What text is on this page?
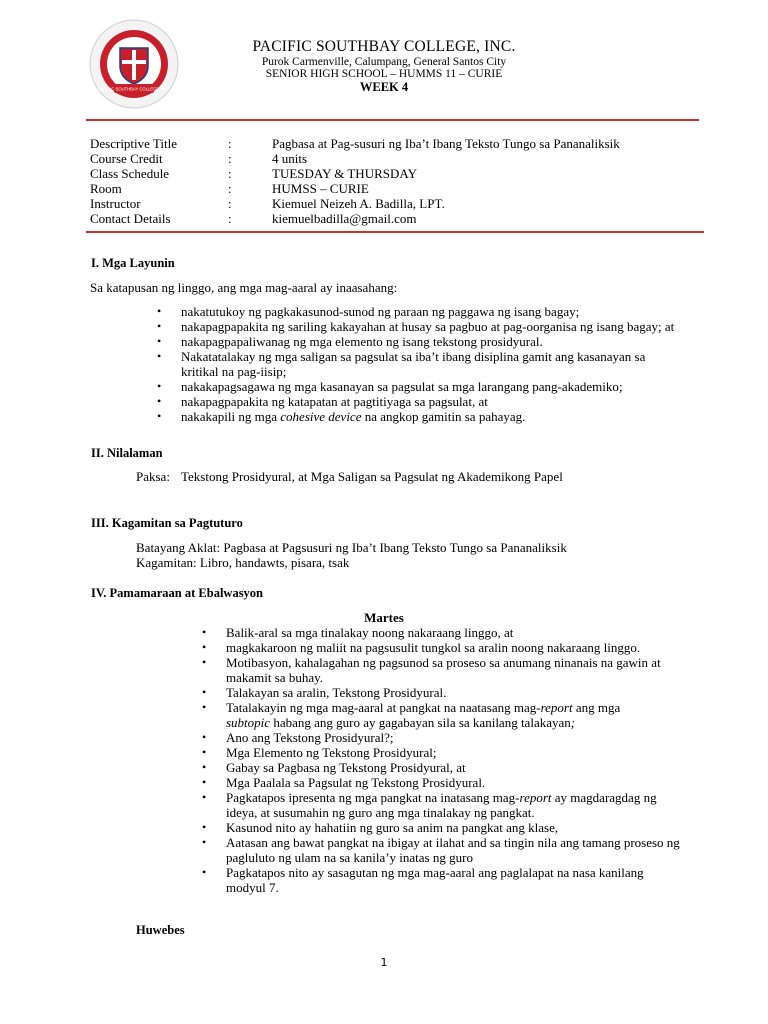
PACIFIC SOUTHBAY COLLEGE, INC.
PACIFIC SOUTHBAY COLLEGE, INC.
Purok Carmenville, Calumpang, General Santos City
SENIOR HIGH SCHOOL – HUMMS 11 – CURIE
WEEK 4
Descriptive Title	:	Pagbasa at Pag-susuri ng Iba’t Ibang Teksto Tungo sa Pananaliksik
Course Credit	:	4 units
Class Schedule	:	TUESDAY & THURSDAY
Room	:	HUMSS – CURIE
Instructor	:	Kiemuel Neizeh A. Badilla, LPT.
Contact Details	:	kiemuelbadilla@gmail.com
I. Mga Layunin
Sa katapusan ng linggo, ang mga mag-aaral ay inaasahang:
• nakatutukoy ng pagkakasunod-sunod ng paraan ng paggawa ng isang bagay;
• nakapagpapakita ng sariling kakayahan at husay sa pagbuo at pag-oorganisa ng isang bagay; at
• nakapagpapaliwanag ng mga elemento ng isang tekstong prosidyural.
• Nakatatalakay ng mga saligan sa pagsulat sa iba’t ibang disiplina gamit ang kasanayan sa kritikal na pag-iisip;
• nakakapagsagawa ng mga kasanayan sa pagsulat sa mga larangang pang-akademiko;
• nakapagpapakita ng katapatan at pagtitiyaga sa pagsulat, at
• nakakapili ng mga cohesive device na angkop gamitin sa pahayag.
II. Nilalaman
Paksa: Tekstong Prosidyural, at Mga Saligan sa Pagsulat ng Akademikong Papel
III. Kagamitan sa Pagtuturo
Batayang Aklat: Pagbasa at Pagsusuri ng Iba’t Ibang Teksto Tungo sa Pananaliksik
Kagamitan: Libro, handawts, pisara, tsak
IV. Pamamaraan at Ebalwasyon
Martes
• Balik-aral sa mga tinalakay noong nakaraang linggo, at
• magkakaroon ng maliit na pagsusulit tungkol sa aralin noong nakaraang linggo.
• Motibasyon, kahalagahan ng pagsunod sa proseso sa anumang ninanais na gawin at makamit sa buhay.
• Talakayan sa aralin, Tekstong Prosidyural.
• Tatalakayin ng mga mag-aaral at pangkat na naatasang mag-report ang mga
subtopic habang ang guro ay gagabayan sila sa kanilang talakayan;
• Ano ang Tekstong Prosidyural?;
• Mga Elemento ng Tekstong Prosidyural;
• Gabay sa Pagbasa ng Tekstong Prosidyural, at
• Mga Paalala sa Pagsulat ng Tekstong Prosidyural.
• Pagkatapos ipresenta ng mga pangkat na inatasang mag-report ay magdaragdag ng ideya, at susumahin ng guro ang mga tinalakay ng pangkat.
• Kasunod nito ay hahatiin ng guro sa anim na pangkat ang klase,
• Aatasan ang bawat pangkat na ibigay at ilahat and sa tingin nila ang tamang proseso ng pagluluto ng ulam na sa kanila’y inatas ng guro
• Pagkatapos nito ay sasagutan ng mga mag-aaral ang paglalapat na nasa kanilang modyul 7.
Huwebes
1
